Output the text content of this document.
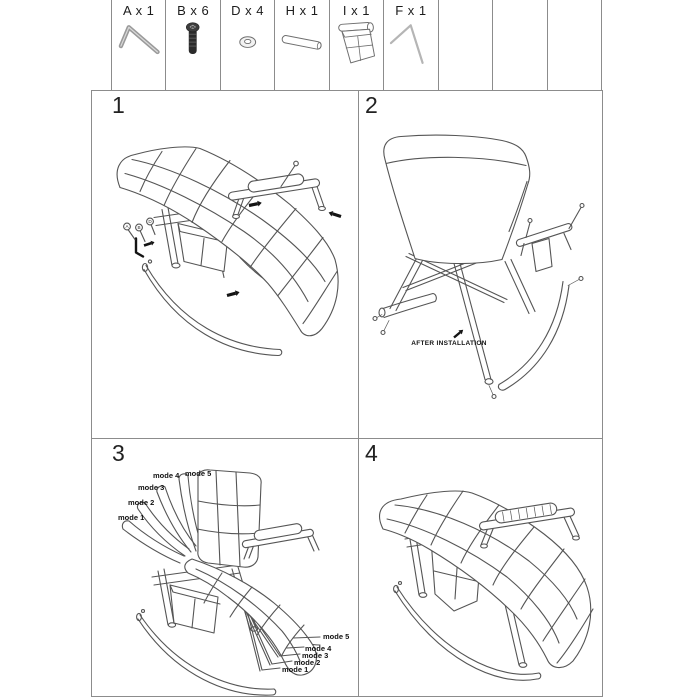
A x 1	B x 6	D x 4	H x 1	I x 1	F x 1
1
A B
D
2
AFTER INSTALLATION
3
mode 1
mode 2
mode 3
mode 4 mode 5
mode 1
mode 2
mode 3
mode 4
mode 5
4
